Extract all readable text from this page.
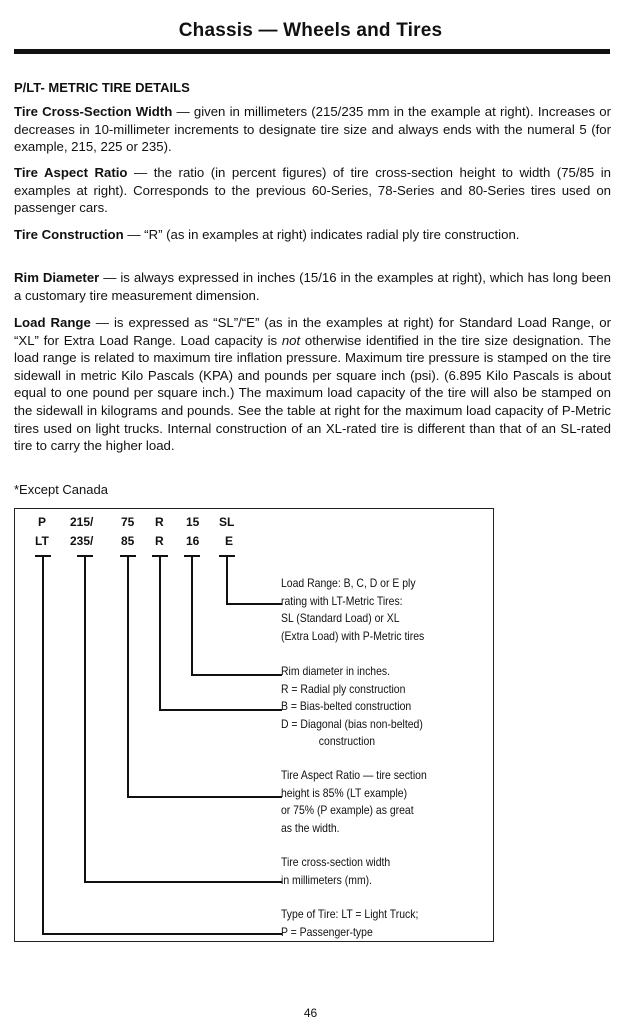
Chassis — Wheels and Tires
P/LT- METRIC TIRE DETAILS

Tire Cross-Section Width — given in millimeters (215/235 mm in the example at right). Increases or decreases in 10-millimeter increments to designate tire size and always ends with the numeral 5 (for example, 215, 225 or 235).

Tire Aspect Ratio — the ratio (in percent figures) of tire cross-section height to width (75/85 in examples at right). Corresponds to the previous 60-Series, 78-Series and 80-Series tires used on passenger cars.

Tire Construction — “R” (as in examples at right) indicates radial ply tire construction.

Rim Diameter — is always expressed in inches (15/16 in the examples at right), which has long been a customary tire measurement dimension.

Load Range — is expressed as “SL”/“E” (as in the examples at right) for Standard Load Range, or “XL” for Extra Load Range. Load capacity is not otherwise identified in the tire size designation. The load range is related to maximum tire inflation pressure. Maximum tire pressure is stamped on the tire sidewall in metric Kilo Pascals (KPA) and pounds per square inch (psi). (6.895 Kilo Pascals is about equal to one pound per square inch.) The maximum load capacity of the tire will also be stamped on the sidewall in kilograms and pounds. See the table at right for the maximum load capacity of P-Metric tires used on light trucks. Internal construction of an XL-rated tire is different than that of an SL-rated tire to carry the higher load.

*Except Canada
P 215/ 75 R 15 SL
LT 235/ 85 R 16 E
Load Range: B, C, D or E ply
rating with LT-Metric Tires:
SL (Standard Load) or XL
(Extra Load) with P-Metric tires
Rim diameter in inches.
R = Radial ply construction
B = Bias-belted construction
D = Diagonal (bias non-belted)
construction
Tire Aspect Ratio — tire section
height is 85% (LT example)
or 75% (P example) as great
as the width.
Tire cross-section width
in millimeters (mm).
Type of Tire: LT = Light Truck;
P = Passenger-type
46
